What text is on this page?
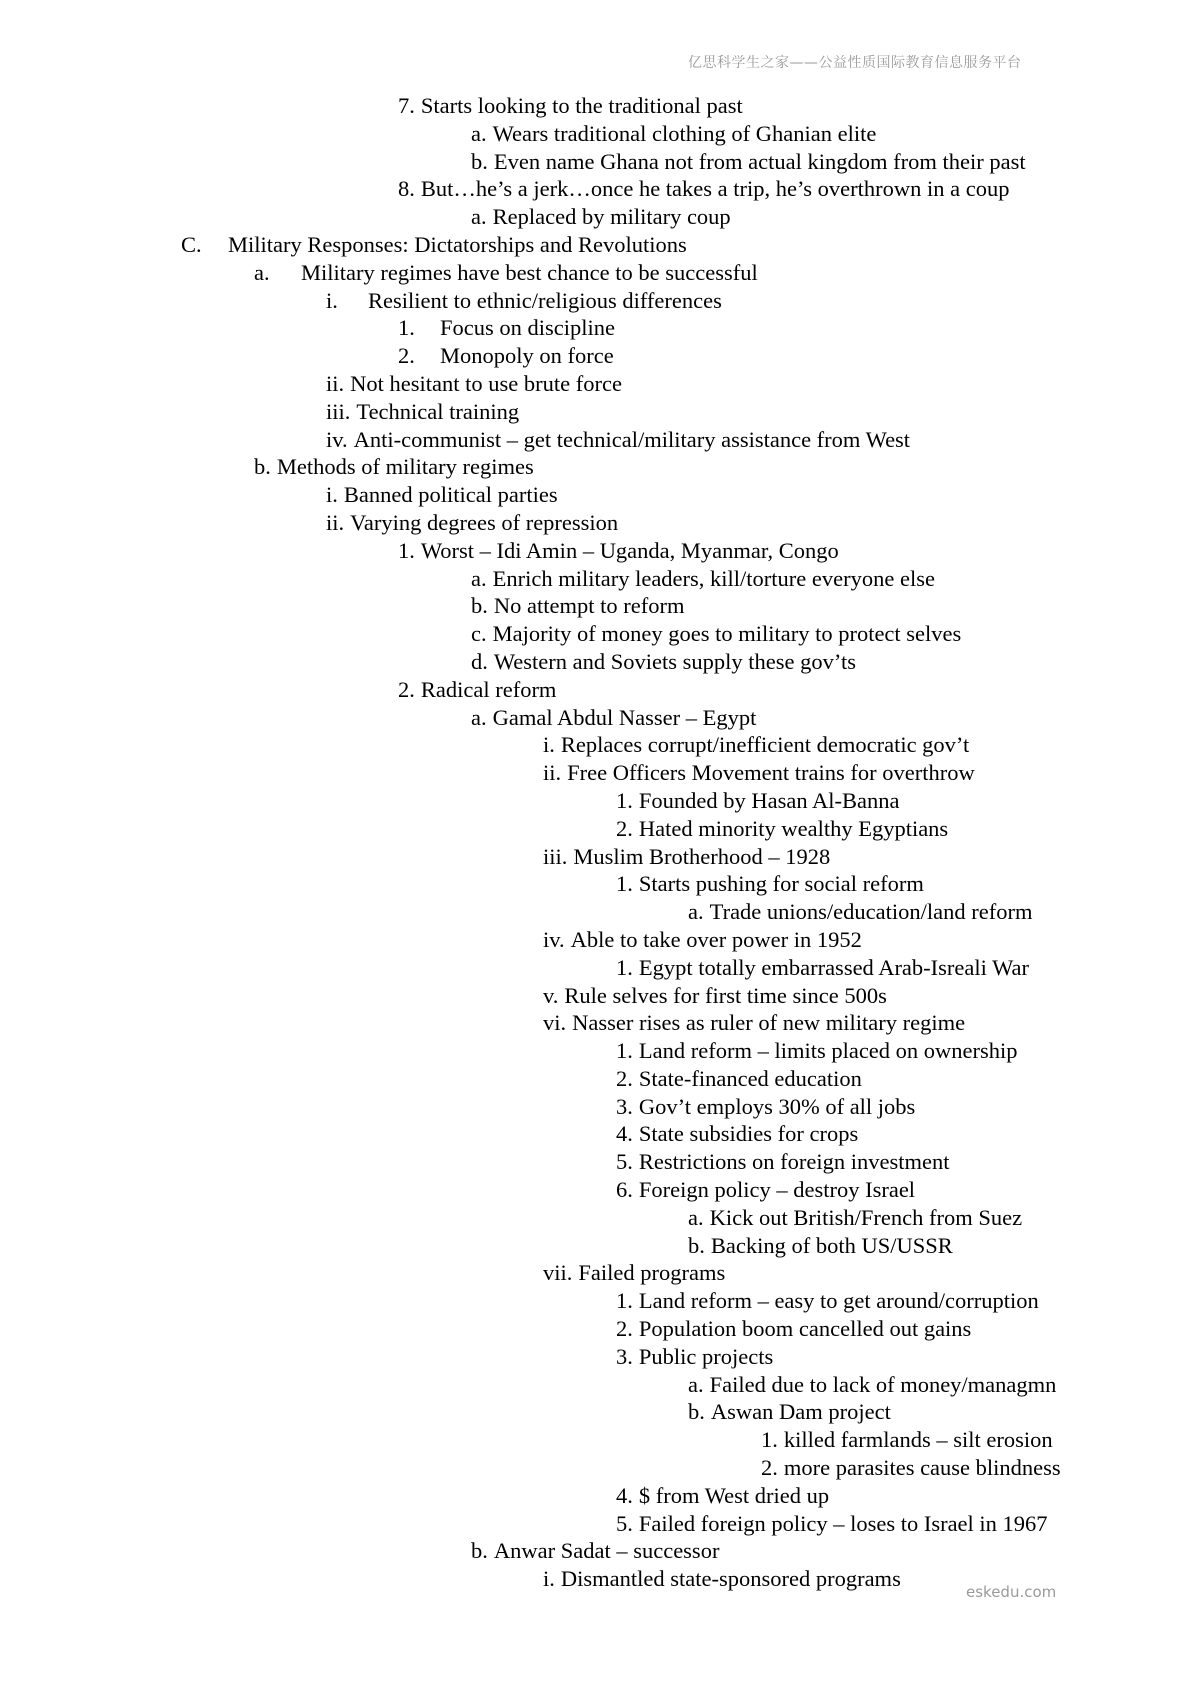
亿思科学生之家——公益性质国际教育信息服务平台
7. Starts looking to the traditional past
a. Wears traditional clothing of Ghanian elite
b. Even name Ghana not from actual kingdom from their past
8. But…he’s a jerk…once he takes a trip, he’s overthrown in a coup
a. Replaced by military coup
C. Military Responses: Dictatorships and Revolutions
a. Military regimes have best chance to be successful
i. Resilient to ethnic/religious differences
1. Focus on discipline
2. Monopoly on force
ii. Not hesitant to use brute force
iii. Technical training
iv. Anti-communist – get technical/military assistance from West
b. Methods of military regimes
i. Banned political parties
ii. Varying degrees of repression
1. Worst – Idi Amin – Uganda, Myanmar, Congo
a. Enrich military leaders, kill/torture everyone else
b. No attempt to reform
c. Majority of money goes to military to protect selves
d. Western and Soviets supply these gov’ts
2. Radical reform
a. Gamal Abdul Nasser – Egypt
i. Replaces corrupt/inefficient democratic gov’t
ii. Free Officers Movement trains for overthrow
1. Founded by Hasan Al-Banna
2. Hated minority wealthy Egyptians
iii. Muslim Brotherhood – 1928
1. Starts pushing for social reform
a. Trade unions/education/land reform
iv. Able to take over power in 1952
1. Egypt totally embarrassed Arab-Isreali War
v. Rule selves for first time since 500s
vi. Nasser rises as ruler of new military regime
1. Land reform – limits placed on ownership
2. State-financed education
3. Gov’t employs 30% of all jobs
4. State subsidies for crops
5. Restrictions on foreign investment
6. Foreign policy – destroy Israel
a. Kick out British/French from Suez
b. Backing of both US/USSR
vii. Failed programs
1. Land reform – easy to get around/corruption
2. Population boom cancelled out gains
3. Public projects
a. Failed due to lack of money/managmn
b. Aswan Dam project
1. killed farmlands – silt erosion
2. more parasites cause blindness
4. $ from West dried up
5. Failed foreign policy – loses to Israel in 1967
b. Anwar Sadat – successor
i. Dismantled state-sponsored programs
eskedu.com
